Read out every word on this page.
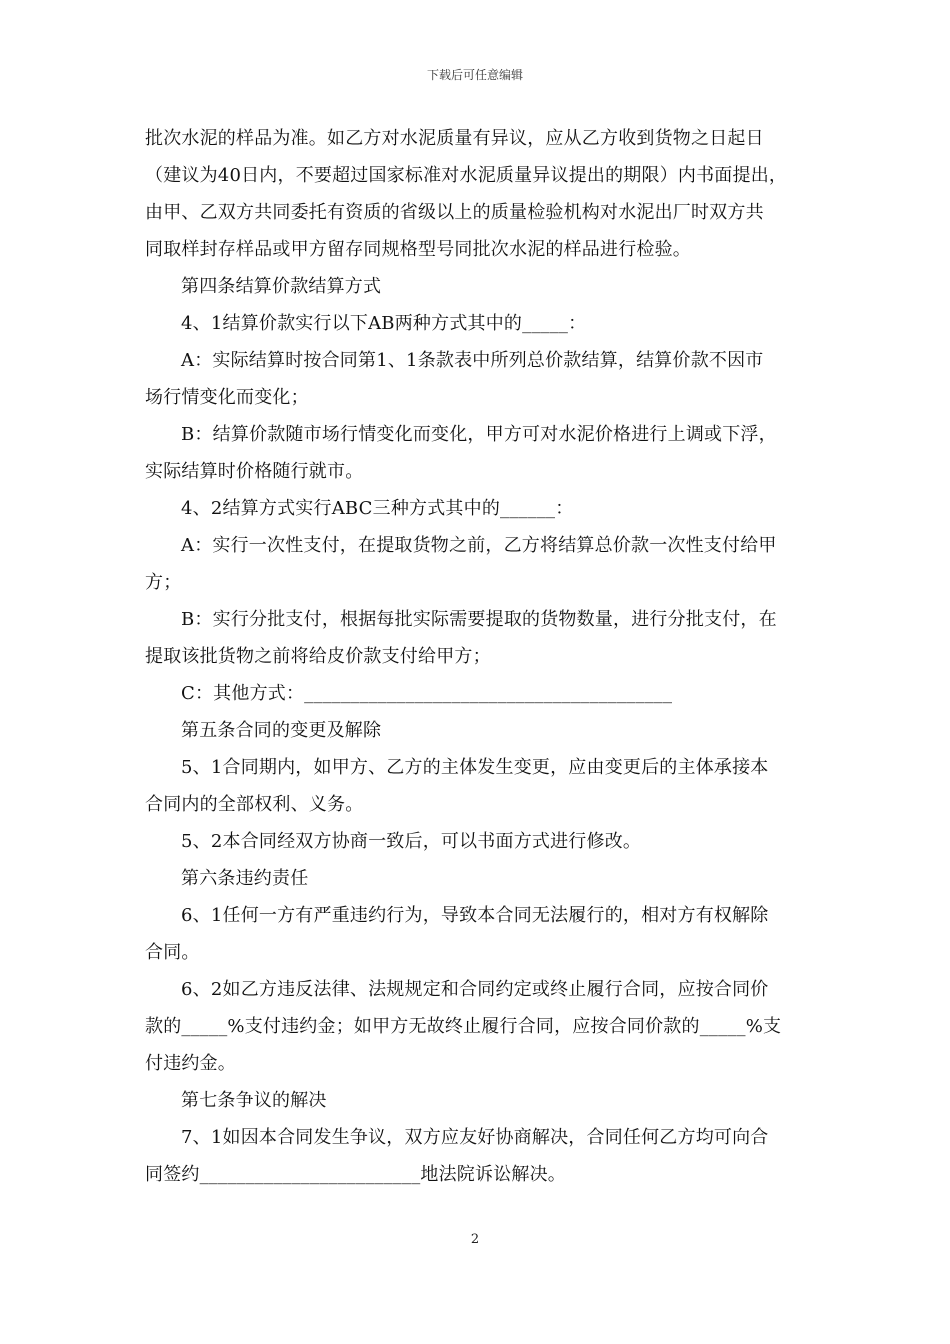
下载后可任意编辑
批次水泥的样品为准。如乙方对水泥质量有异议，应从乙方收到货物之日起日
（建议为40日内，不要超过国家标准对水泥质量异议提出的期限）内书面提出，
由甲、乙双方共同委托有资质的省级以上的质量检验机构对水泥出厂时双方共
同取样封存样品或甲方留存同规格型号同批次水泥的样品进行检验。
第四条结算价款结算方式
4、1结算价款实行以下AB两种方式其中的_____：
A：实际结算时按合同第1、1条款表中所列总价款结算，结算价款不因市
场行情变化而变化；
B：结算价款随市场行情变化而变化，甲方可对水泥价格进行上调或下浮，
实际结算时价格随行就市。
4、2结算方式实行ABC三种方式其中的______：
A：实行一次性支付，在提取货物之前，乙方将结算总价款一次性支付给甲
方；
B：实行分批支付，根据每批实际需要提取的货物数量，进行分批支付，在
提取该批货物之前将给皮价款支付给甲方；
C：其他方式：________________________________________
第五条合同的变更及解除
5、1合同期内，如甲方、乙方的主体发生变更，应由变更后的主体承接本
合同内的全部权利、义务。
5、2本合同经双方协商一致后，可以书面方式进行修改。
第六条违约责任
6、1任何一方有严重违约行为，导致本合同无法履行的，相对方有权解除
合同。
6、2如乙方违反法律、法规规定和合同约定或终止履行合同，应按合同价
款的_____%支付违约金；如甲方无故终止履行合同，应按合同价款的_____%支
付违约金。
第七条争议的解决
7、1如因本合同发生争议，双方应友好协商解决，合同任何乙方均可向合
同签约________________________地法院诉讼解决。
2
